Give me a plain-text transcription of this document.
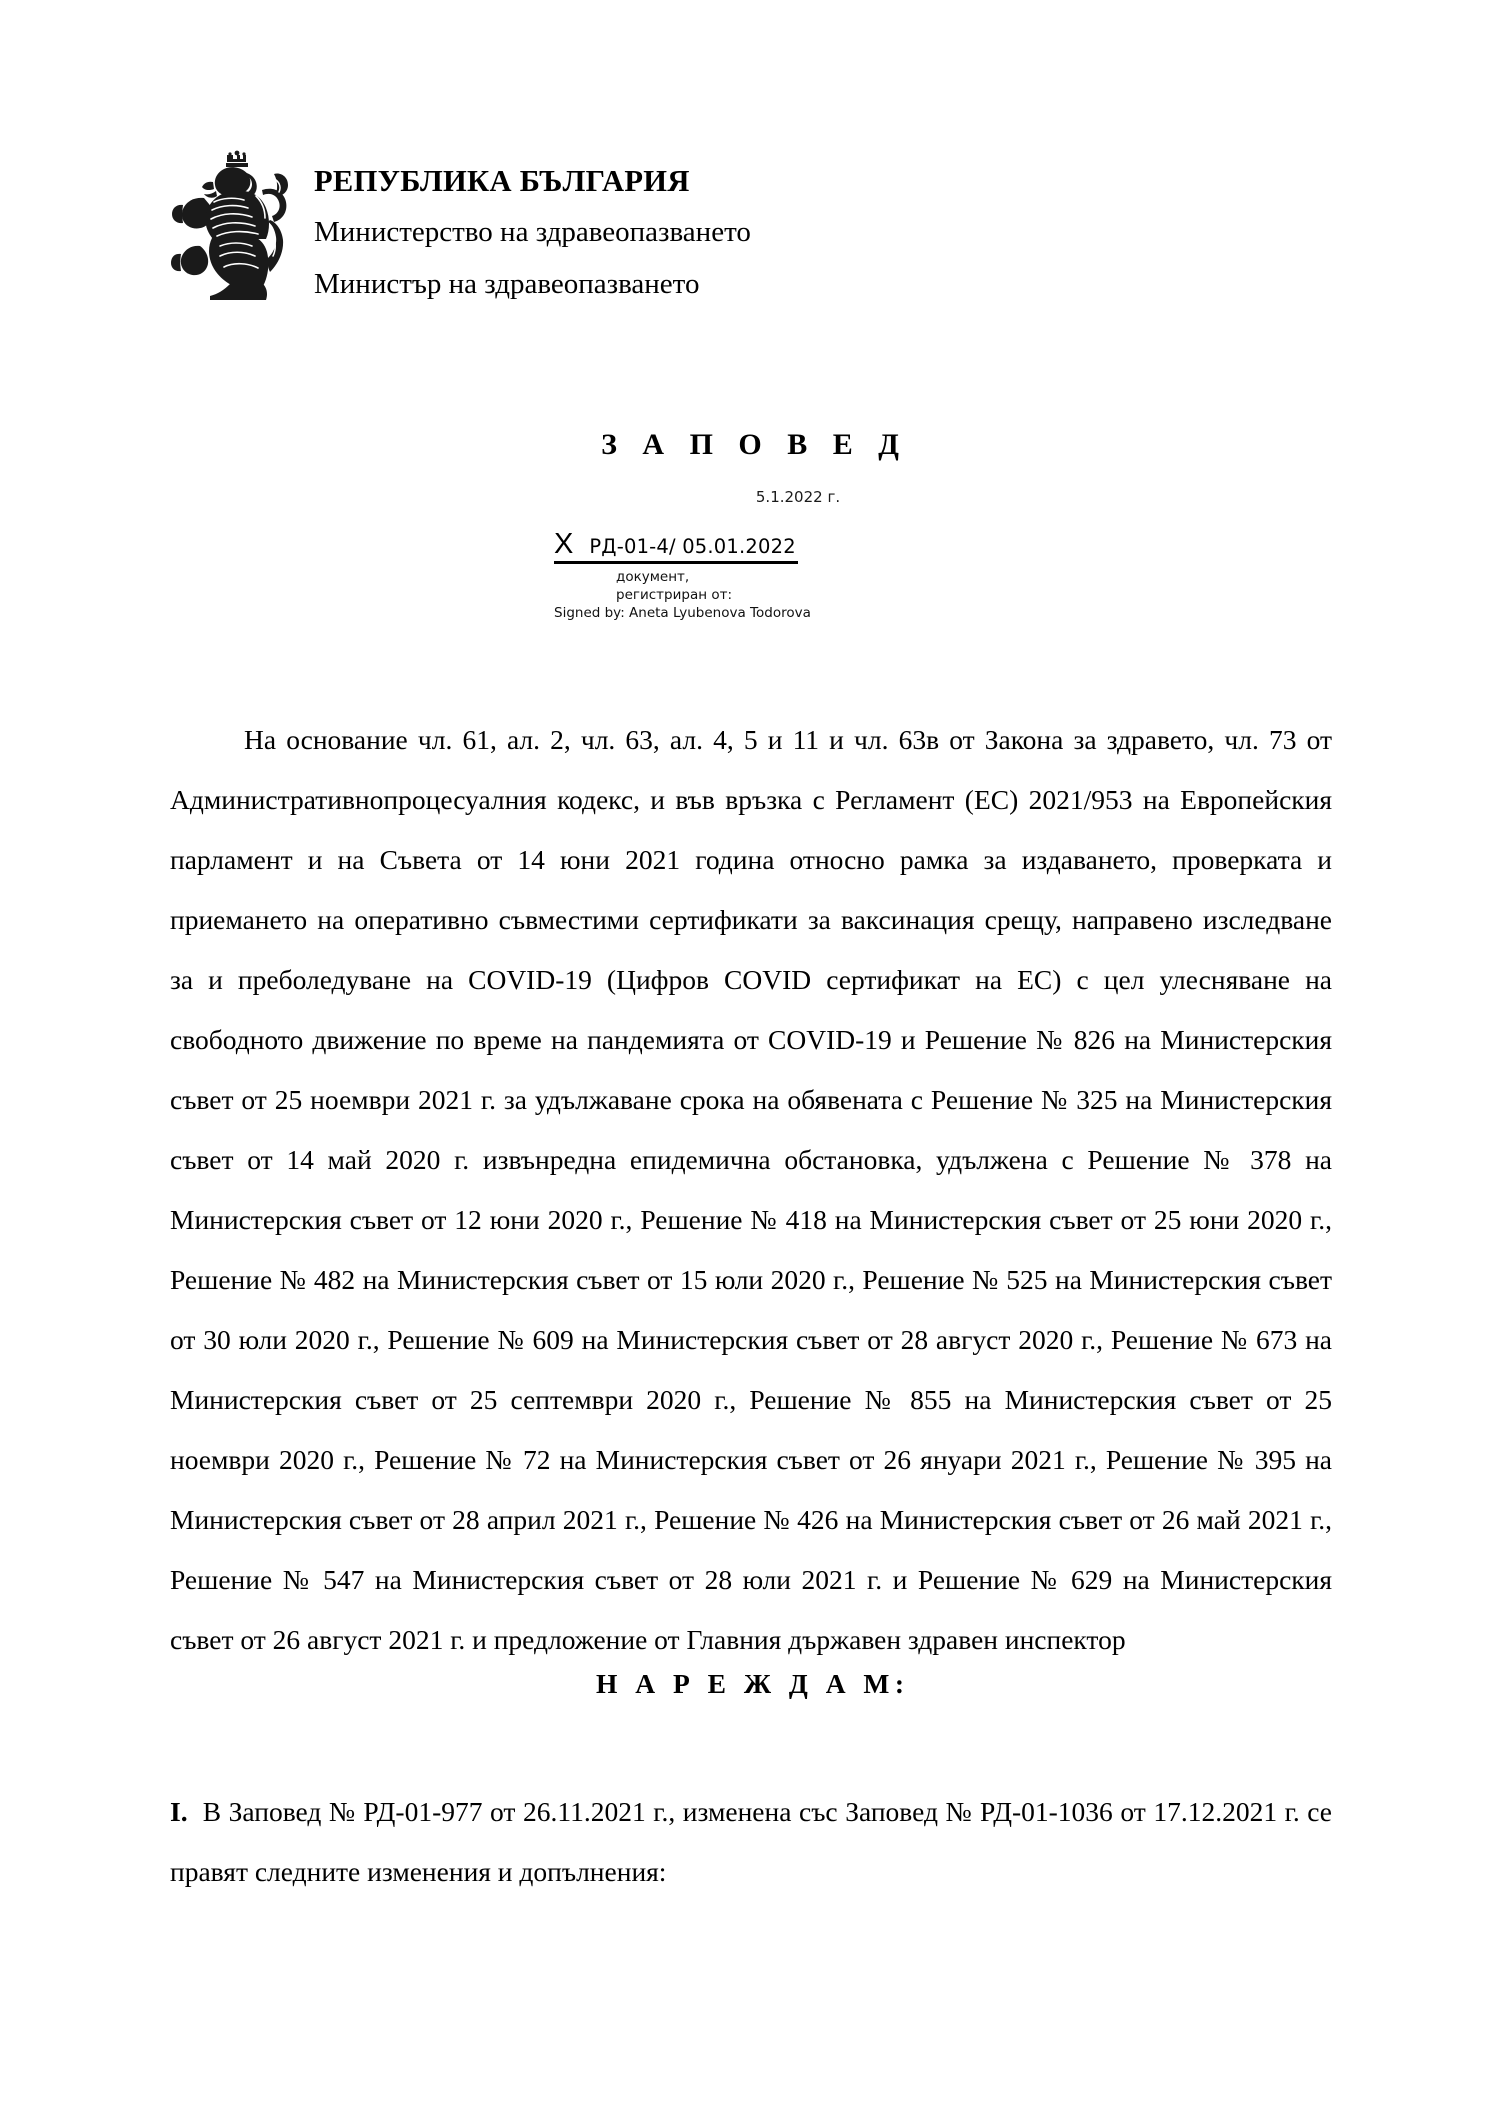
РЕПУБЛИКА БЪЛГАРИЯ
Министерство на здравеопазването
Министър на здравеопазването
З А П О В Е Д
5.1.2022 г.
X РД-01-4/ 05.01.2022
документ,
регистриран от:
Signed by: Aneta Lyubenova Todorova

На основание чл. 61, ал. 2, чл. 63, ал. 4, 5 и 11 и чл. 63в от Закона за здравето, чл. 73 от Административнопроцесуалния кодекс, и във връзка с Регламент (ЕС) 2021/953 на Европейския парламент и на Съвета от 14 юни 2021 година относно рамка за издаването, проверката и приемането на оперативно съвместими сертификати за ваксинация срещу, направено изследване за и преболедуване на COVID-19 (Цифров COVID сертификат на ЕС) с цел улесняване на свободното движение по време на пандемията от COVID-19 и Решение № 826 на Министерския съвет от 25 ноември 2021 г. за удължаване срока на обявената с Решение № 325 на Министерския съвет от 14 май 2020 г. извънредна епидемична обстановка, удължена с Решение № 378 на Министерския съвет от 12 юни 2020 г., Решение № 418 на Министерския съвет от 25 юни 2020 г., Решение № 482 на Министерския съвет от 15 юли 2020 г., Решение № 525 на Министерския съвет от 30 юли 2020 г., Решение № 609 на Министерския съвет от 28 август 2020 г., Решение № 673 на Министерския съвет от 25 септември 2020 г., Решение № 855 на Министерския съвет от 25 ноември 2020 г., Решение № 72 на Министерския съвет от 26 януари 2021 г., Решение № 395 на Министерския съвет от 28 април 2021 г., Решение № 426 на Министерския съвет от 26 май 2021 г., Решение № 547 на Министерския съвет от 28 юли 2021 г. и Решение № 629 на Министерския съвет от 26 август 2021 г. и предложение от Главния държавен здравен инспектор

Н А Р Е Ж Д А М:
I.  В Заповед № РД-01-977 от 26.11.2021 г., изменена със Заповед № РД-01-1036 от 17.12.2021 г. се правят следните изменения и допълнения:
